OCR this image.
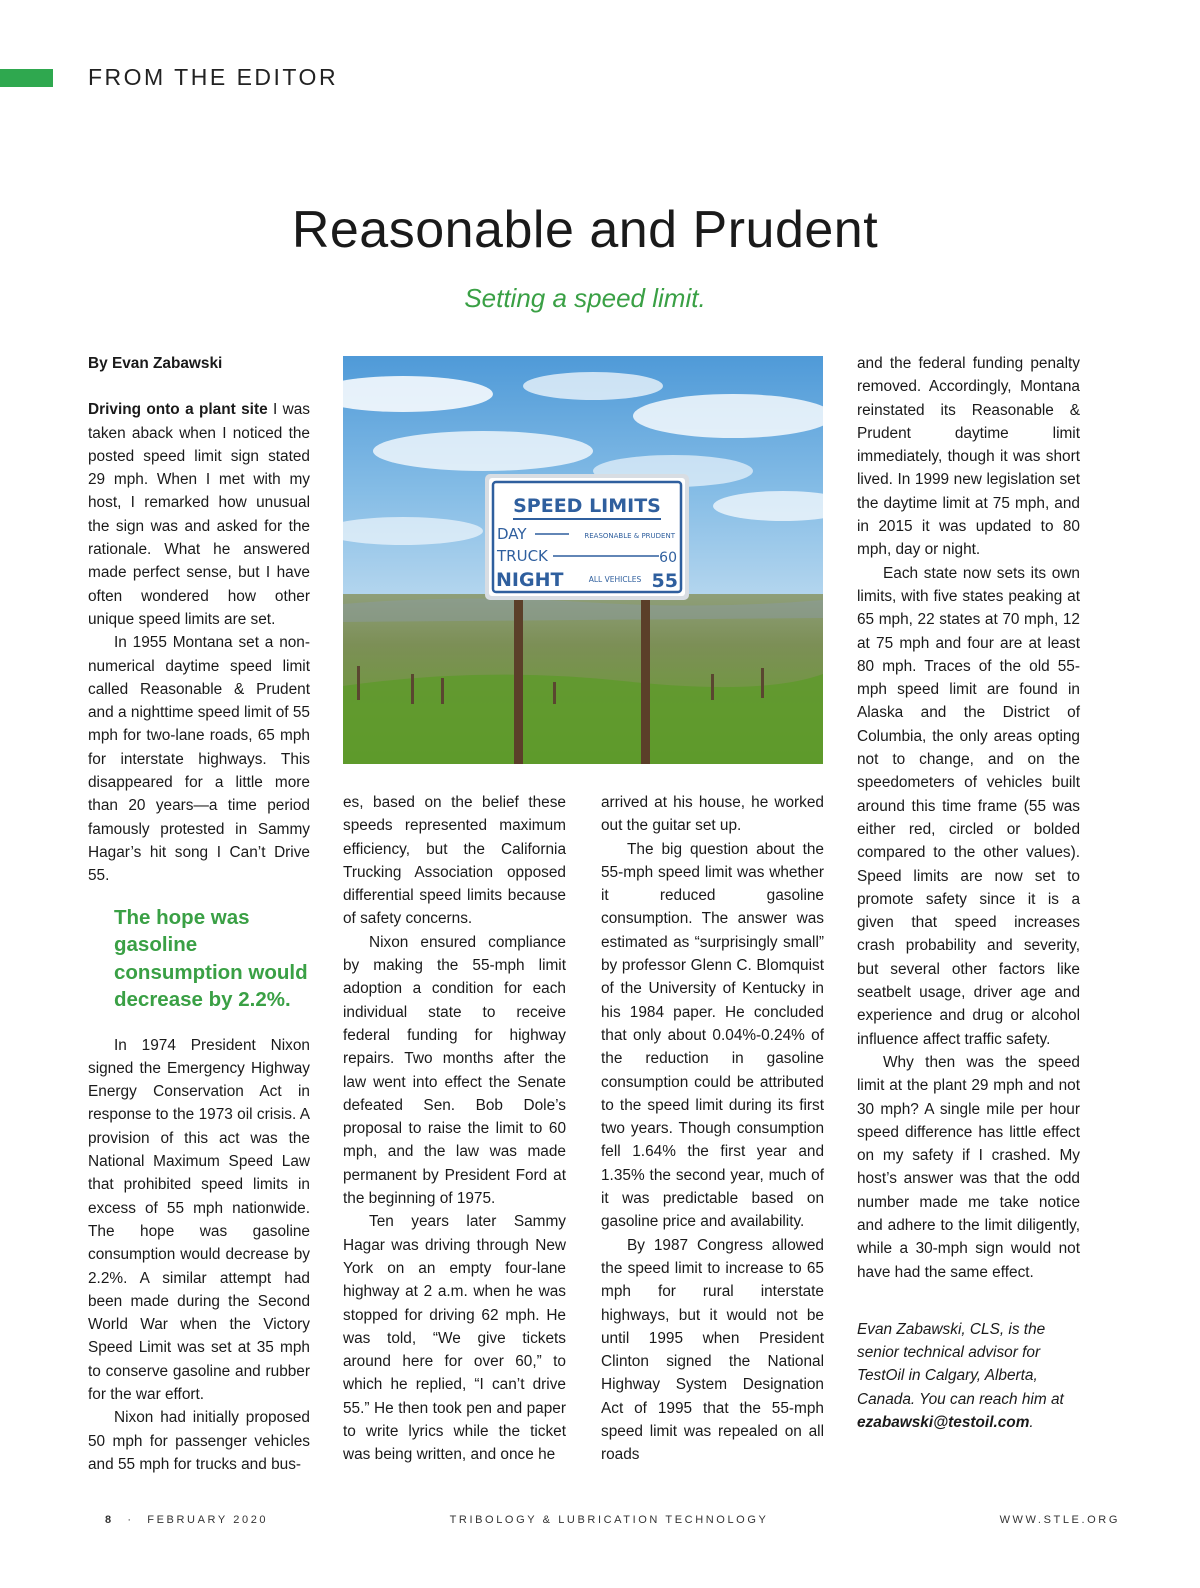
FROM THE EDITOR
Reasonable and Prudent
Setting a speed limit.

By Evan Zabawski

Driving onto a plant site I was taken aback when I noticed the posted speed limit sign stated 29 mph. When I met with my host, I remarked how unusual the sign was and asked for the rationale. What he answered made perfect sense, but I have often wondered how other unique speed limits are set.

In 1955 Montana set a non-numerical daytime speed limit called Reasonable & Prudent and a nighttime speed limit of 55 mph for two-lane roads, 65 mph for interstate highways. This disappeared for a little more than 20 years—a time period famously protested in Sammy Hagar’s hit song I Can’t Drive 55.

The hope was gasoline consumption would decrease by 2.2%.

In 1974 President Nixon signed the Emergency Highway Energy Conservation Act in response to the 1973 oil crisis. A provision of this act was the National Maximum Speed Law that prohibited speed limits in excess of 55 mph nationwide. The hope was gasoline consumption would decrease by 2.2%. A similar attempt had been made during the Second World War when the Victory Speed Limit was set at 35 mph to conserve gasoline and rubber for the war effort.

Nixon had initially proposed 50 mph for passenger vehicles and 55 mph for trucks and bus-

SPEED LIMITS
DAY	REASONABLE & PRUDENT
TRUCK	60
NIGHT	ALL VEHICLES 55

es, based on the belief these speeds represented maximum efficiency, but the California Trucking Association opposed differential speed limits because of safety concerns.

Nixon ensured compliance by making the 55-mph limit adoption a condition for each individual state to receive federal funding for highway repairs. Two months after the law went into effect the Senate defeated Sen. Bob Dole’s proposal to raise the limit to 60 mph, and the law was made permanent by President Ford at the beginning of 1975.

Ten years later Sammy Hagar was driving through New York on an empty four-lane highway at 2 a.m. when he was stopped for driving 62 mph. He was told, “We give tickets around here for over 60,” to which he replied, “I can’t drive 55.” He then took pen and paper to write lyrics while the ticket was being written, and once he

arrived at his house, he worked out the guitar set up.

The big question about the 55-mph speed limit was whether it reduced gasoline consumption. The answer was estimated as “surprisingly small” by professor Glenn C. Blomquist of the University of Kentucky in his 1984 paper. He concluded that only about 0.04%-0.24% of the reduction in gasoline consumption could be attributed to the speed limit during its first two years. Though consumption fell 1.64% the first year and 1.35% the second year, much of it was predictable based on gasoline price and availability.

By 1987 Congress allowed the speed limit to increase to 65 mph for rural interstate highways, but it would not be until 1995 when President Clinton signed the National Highway System Designation Act of 1995 that the 55-mph speed limit was repealed on all roads

and the federal funding penalty removed. Accordingly, Montana reinstated its Reasonable & Prudent daytime limit immediately, though it was short lived. In 1999 new legislation set the daytime limit at 75 mph, and in 2015 it was updated to 80 mph, day or night.

Each state now sets its own limits, with five states peaking at 65 mph, 22 states at 70 mph, 12 at 75 mph and four are at least 80 mph. Traces of the old 55-mph speed limit are found in Alaska and the District of Columbia, the only areas opting not to change, and on the speedometers of vehicles built around this time frame (55 was either red, circled or bolded compared to the other values). Speed limits are now set to promote safety since it is a given that speed increases crash probability and severity, but several other factors like seatbelt usage, driver age and experience and drug or alcohol influence affect traffic safety.

Why then was the speed limit at the plant 29 mph and not 30 mph? A single mile per hour speed difference has little effect on my safety if I crashed. My host’s answer was that the odd number made me take notice and adhere to the limit diligently, while a 30-mph sign would not have had the same effect.

Evan Zabawski, CLS, is the senior technical advisor for TestOil in Calgary, Alberta, Canada. You can reach him at ezabawski@testoil.com.

8 · FEBRUARY 2020	TRIBOLOGY & LUBRICATION TECHNOLOGY	WWW.STLE.ORG
